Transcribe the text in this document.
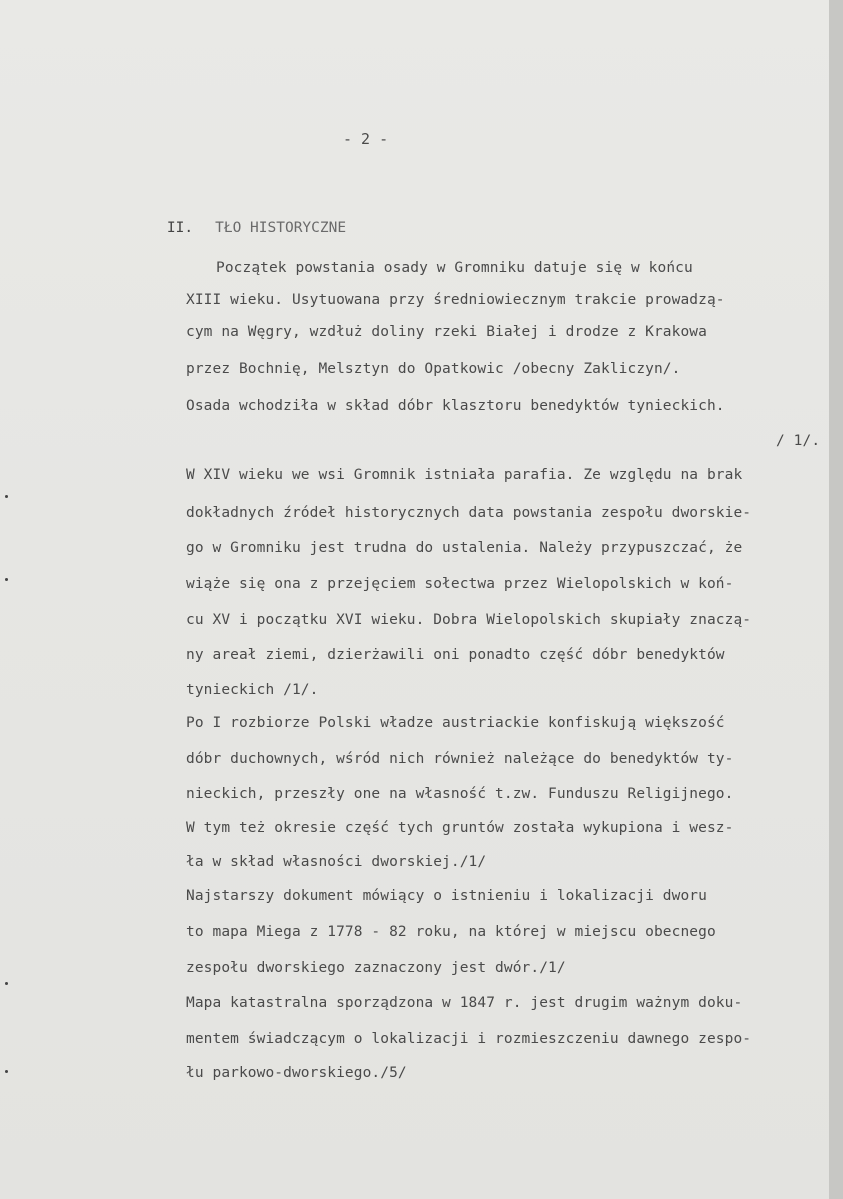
- 2 -

II. TŁO HISTORYCZNE

Początek powstania osady w Gromniku datuje się w końcu
XIII wieku. Usytuowana przy średniowiecznym trakcie prowadzą-
cym na Węgry, wzdłuż doliny rzeki Białej i drodze z Krakowa
przez Bochnię, Melsztyn do Opatkowic /obecny Zakliczyn/.
Osada wchodziła w skład dóbr klasztoru benedyktów tynieckich.
/ 1/.
W XIV wieku we wsi Gromnik istniała parafia. Ze względu na brak
dokładnych źródeł historycznych data powstania zespołu dworskie-
go w Gromniku jest trudna do ustalenia. Należy przypuszczać, że
wiąże się ona z przejęciem sołectwa przez Wielopolskich w koń-
cu XV i początku XVI wieku. Dobra Wielopolskich skupiały znaczą-
ny areał ziemi, dzierżawili oni ponadto część dóbr benedyktów
tynieckich /1/.
Po I rozbiorze Polski władze austriackie konfiskują większość
dóbr duchownych, wśród nich również należące do benedyktów ty-
nieckich, przeszły one na własność t.zw. Funduszu Religijnego.
W tym też okresie część tych gruntów została wykupiona i wesz-
ła w skład własności dworskiej./1/
Najstarszy dokument mówiący o istnieniu i lokalizacji dworu
to mapa Miega z 1778 - 82 roku, na której w miejscu obecnego
zespołu dworskiego zaznaczony jest dwór./1/
Mapa katastralna sporządzona w 1847 r. jest drugim ważnym doku-
mentem świadczącym o lokalizacji i rozmieszczeniu dawnego zespo-
łu parkowo-dworskiego./5/
